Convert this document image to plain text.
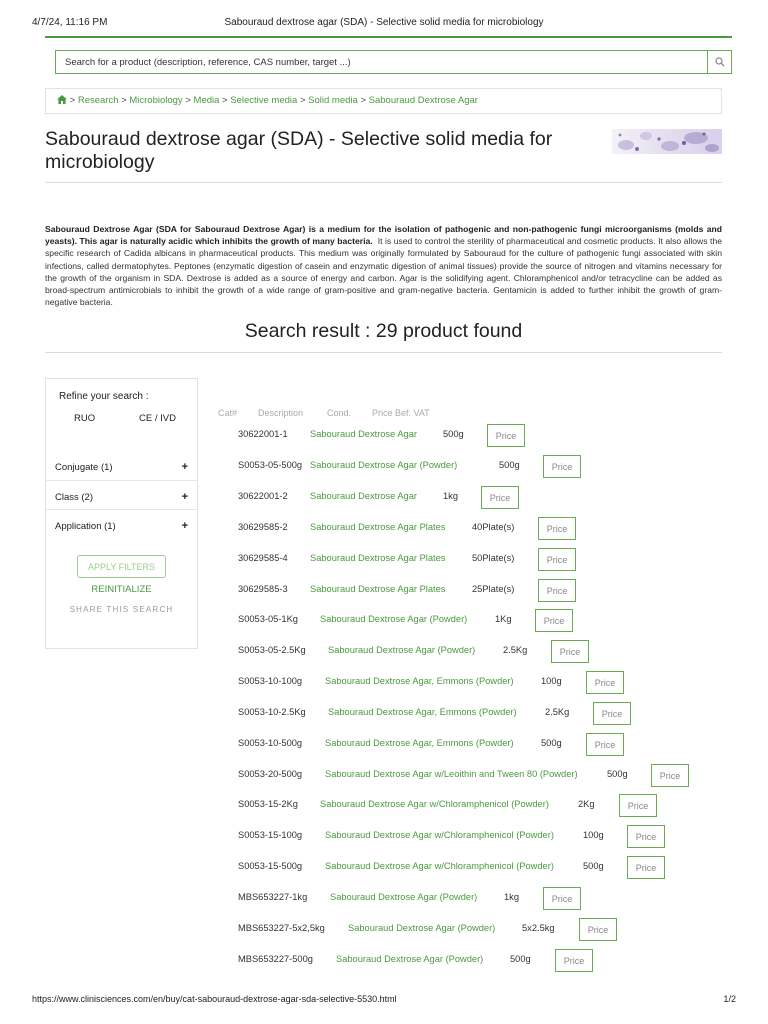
4/7/24, 11:16 PM	Sabouraud dextrose agar (SDA) - Selective solid media for microbiology
Search for a product (description, reference, CAS number, target ...)
> Research > Microbiology > Media > Selective media > Solid media > Sabouraud Dextrose Agar
Sabouraud dextrose agar (SDA) - Selective solid media for microbiology

Sabouraud Dextrose Agar (SDA for Sabouraud Dextrose Agar) is a medium for the isolation of pathogenic and non-pathogenic fungi microorganisms (molds and yeasts). This agar is naturally acidic which inhibits the growth of many bacteria. It is used to control the sterility of pharmaceutical and cosmetic products. It also allows the specific research of Cadida albicans in pharmaceutical products. This medium was originally formulated by Sabouraud for the culture of pathogenic fungi associated with skin infections, called dermatophytes. Peptones (enzymatic digestion of casein and enzymatic digestion of animal tissues) provide the source of nitrogen and vitamins necessary for the growth of the organism in SDA. Dextrose is added as a source of energy and carbon. Agar is the solidifying agent. Chloramphenicol and/or tetracycline can be added as broad-spectrum antimicrobials to inhibit the growth of a wide range of gram-positive and gram-negative bacteria. Gentamicin is added to further inhibit the growth of gram-negative bacteria.

Search result : 29 product found
Refine your search :
RUO	CE / IVD
Conjugate (1)	+
Class (2)	+
Application (1)	+
APPLY FILTERS
REINITIALIZE
SHARE THIS SEARCH
Cat# Description	Cond. Price Bef. VAT
30622001-1 Sabouraud Dextrose Agar	500g	Price
S0053-05-500g Sabouraud Dextrose Agar (Powder)	500g	Price
30622001-2 Sabouraud Dextrose Agar	1kg	Price
30629585-2 Sabouraud Dextrose Agar Plates	40Plate(s)	Price
30629585-4 Sabouraud Dextrose Agar Plates	50Plate(s)	Price
30629585-3 Sabouraud Dextrose Agar Plates	25Plate(s)	Price
S0053-05-1Kg Sabouraud Dextrose Agar (Powder)	1Kg	Price
S0053-05-2.5Kg Sabouraud Dextrose Agar (Powder)	2.5Kg	Price
S0053-10-100g Sabouraud Dextrose Agar, Emmons (Powder)	100g	Price
S0053-10-2.5Kg Sabouraud Dextrose Agar, Emmons (Powder)	2.5Kg	Price
S0053-10-500g Sabouraud Dextrose Agar, Emmons (Powder)	500g	Price
S0053-20-500g Sabouraud Dextrose Agar w/Leoithin and Tween 80 (Powder)	500g	Price
S0053-15-2Kg Sabouraud Dextrose Agar w/Chloramphenicol (Powder)	2Kg	Price
S0053-15-100g Sabouraud Dextrose Agar w/Chloramphenicol (Powder)	100g	Price
S0053-15-500g Sabouraud Dextrose Agar w/Chloramphenicol (Powder)	500g	Price
MBS653227-1kg Sabouraud Dextrose Agar (Powder)	1kg	Price
MBS653227-5x2,5kg Sabouraud Dextrose Agar (Powder)	5x2.5kg	Price
MBS653227-500g Sabouraud Dextrose Agar (Powder)	500g	Price
https://www.clinisciences.com/en/buy/cat-sabouraud-dextrose-agar-sda-selective-5530.html	1/2
